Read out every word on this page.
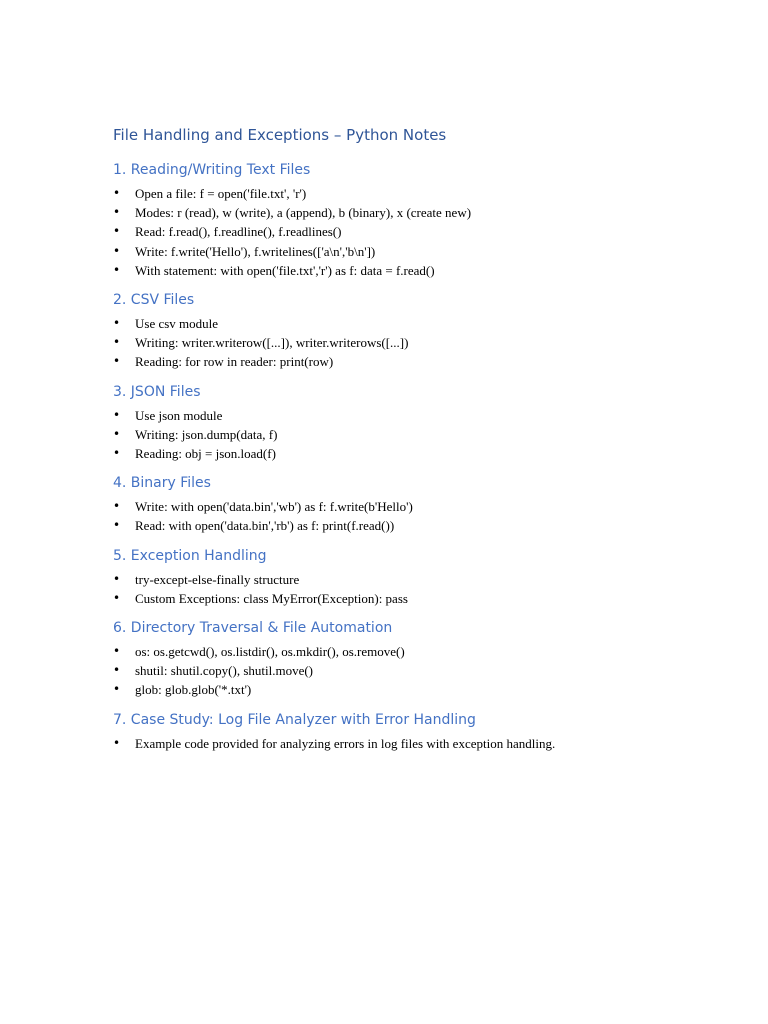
File Handling and Exceptions – Python Notes
1. Reading/Writing Text Files
• Open a file: f = open('file.txt', 'r')
• Modes: r (read), w (write), a (append), b (binary), x (create new)
• Read: f.read(), f.readline(), f.readlines()
• Write: f.write('Hello'), f.writelines(['a\n','b\n'])
• With statement: with open('file.txt','r') as f: data = f.read()
2. CSV Files
• Use csv module
• Writing: writer.writerow([...]), writer.writerows([...])
• Reading: for row in reader: print(row)
3. JSON Files
• Use json module
• Writing: json.dump(data, f)
• Reading: obj = json.load(f)
4. Binary Files
• Write: with open('data.bin','wb') as f: f.write(b'Hello')
• Read: with open('data.bin','rb') as f: print(f.read())
5. Exception Handling
• try-except-else-finally structure
• Custom Exceptions: class MyError(Exception): pass
6. Directory Traversal & File Automation
• os: os.getcwd(), os.listdir(), os.mkdir(), os.remove()
• shutil: shutil.copy(), shutil.move()
• glob: glob.glob('*.txt')
7. Case Study: Log File Analyzer with Error Handling
• Example code provided for analyzing errors in log files with exception handling.
